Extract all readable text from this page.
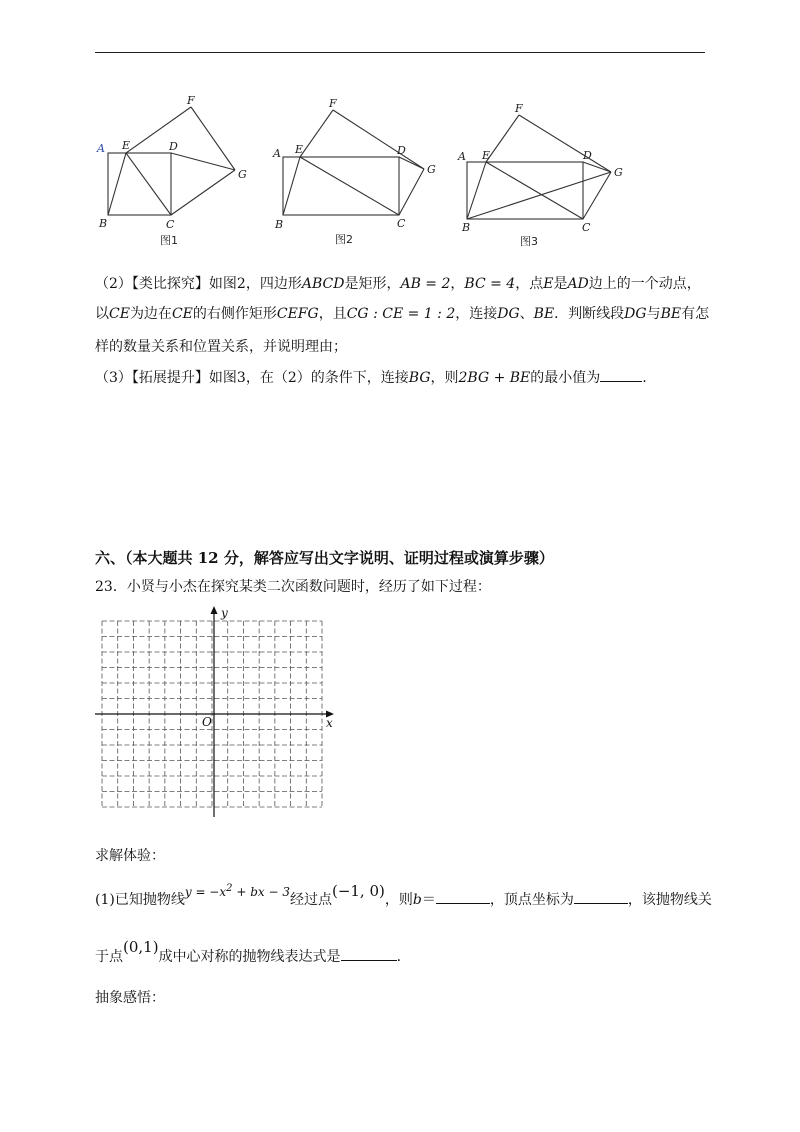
A E	D
F
G
B	C
A E	D
F
G
B	C
A E	D
F
G
B	C
图1	图2	图3
（2）【类比探究】如图2，四边形ABCD是矩形，AB = 2，BC = 4，点E是AD边上的一个动点，
以CE为边在CE的右侧作矩形CEFG，且CG : CE = 1 : 2，连接DG、BE．判断线段DG与BE有怎
样的数量关系和位置关系，并说明理由；
（3）【拓展提升】如图3，在（2）的条件下，连接BG，则2BG + BE的最小值为	.
六、（本大题共 12 分，解答应写出文字说明、证明过程或演算步骤）
23．小贤与小杰在探究某类二次函数问题时，经历了如下过程：
y
x
O
求解体验：
(1)已知抛物线$y = -x^2$ + bx − 3经过点(−1, 0)，则b＝	，顶点坐标为	，该抛物线关
于点(0,1)成中心对称的抛物线表达式是	.
抽象感悟：
